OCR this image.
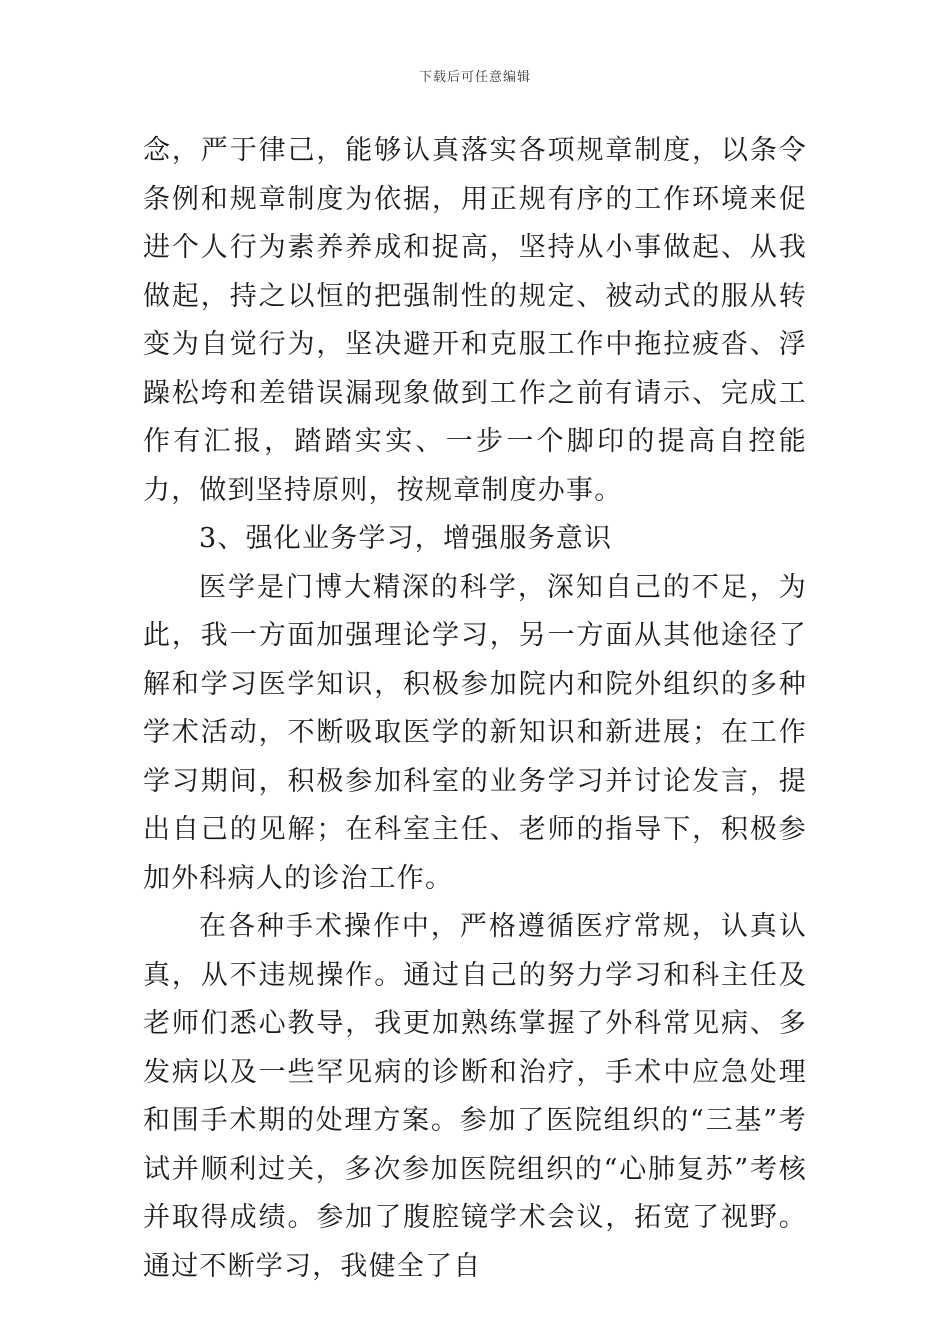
下载后可任意编辑

念，严于律己，能够认真落实各项规章制度，以条令条例和规章制度为依据，用正规有序的工作环境来促进个人行为素养养成和捉高，坚持从小事做起、从我做起，持之以恒的把强制性的规定、被动式的服从转变为自觉行为，坚决避开和克服工作中拖拉疲沓、浮躁松垮和差错误漏现象做到工作之前有请示、完成工作有汇报，踏踏实实、一步一个脚印的提高自控能力，做到坚持原则，按规章制度办事。

3、强化业务学习，增强服务意识

医学是门博大精深的科学，深知自己的不足，为此，我一方面加强理论学习，另一方面从其他途径了解和学习医学知识，积极参加院内和院外组织的多种学术活动，不断吸取医学的新知识和新进展；在工作学习期间，积极参加科室的业务学习并讨论发言，提出自己的见解；在科室主任、老师的指导下，积极参加外科病人的诊治工作。

在各种手术操作中，严格遵循医疗常规，认真认真，从不违规操作。通过自己的努力学习和科主任及老师们悉心教导，我更加熟练掌握了外科常见病、多发病以及一些罕见病的诊断和治疗，手术中应急处理和围手术期的处理方案。参加了医院组织的“三基”考试并顺利过关，多次参加医院组织的“心肺复苏”考核并取得成绩。参加了腹腔镜学术会议，拓宽了视野。通过不断学习，我健全了自
